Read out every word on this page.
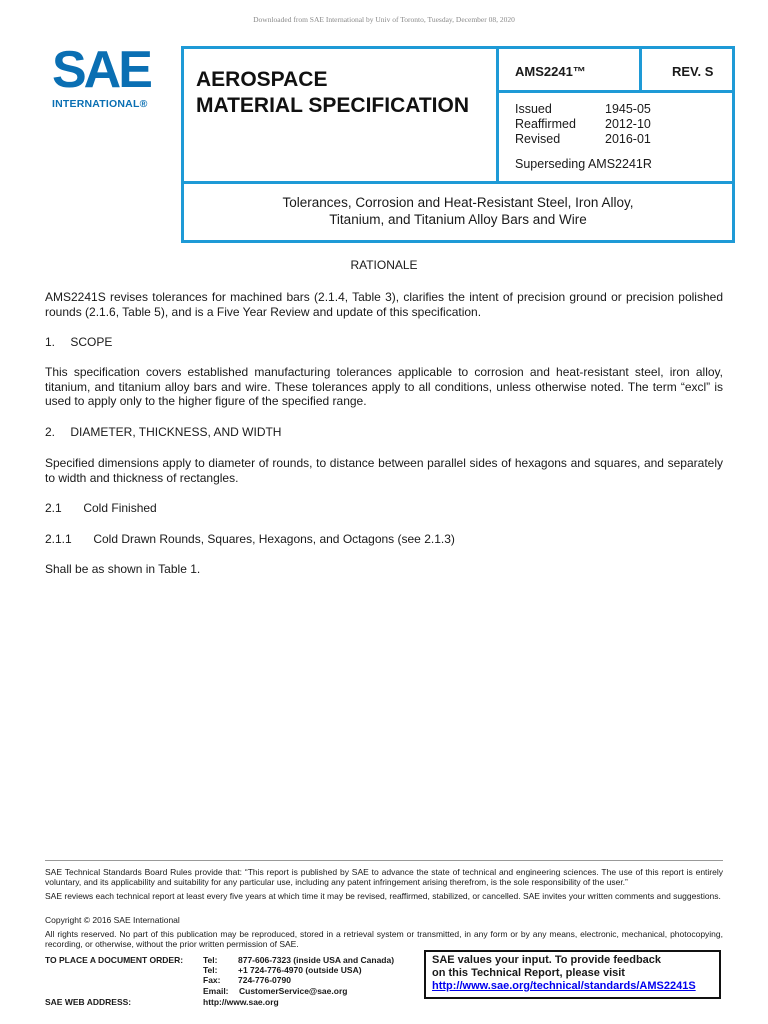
Downloaded from SAE International by Univ of Toronto, Tuesday, December 08, 2020
SAE
INTERNATIONAL®
AEROSPACE
MATERIAL SPECIFICATION
AMS2241™	REV. S
Issued	1945-05
Reaffirmed 2012-10
Revised	2016-01
Superseding AMS2241R
Tolerances, Corrosion and Heat-Resistant Steel, Iron Alloy,
Titanium, and Titanium Alloy Bars and Wire
RATIONALE
AMS2241S revises tolerances for machined bars (2.1.4, Table 3), clarifies the intent of precision ground or precision polished rounds (2.1.6, Table 5), and is a Five Year Review and update of this specification.
1. SCOPE
This specification covers established manufacturing tolerances applicable to corrosion and heat-resistant steel, iron alloy, titanium, and titanium alloy bars and wire. These tolerances apply to all conditions, unless otherwise noted. The term “excl” is used to apply only to the higher figure of the specified range.
2. DIAMETER, THICKNESS, AND WIDTH
Specified dimensions apply to diameter of rounds, to distance between parallel sides of hexagons and squares, and separately to width and thickness of rectangles.
2.1 Cold Finished
2.1.1 Cold Drawn Rounds, Squares, Hexagons, and Octagons (see 2.1.3)
Shall be as shown in Table 1.
SAE Technical Standards Board Rules provide that: “This report is published by SAE to advance the state of technical and engineering sciences. The use of this report is entirely voluntary, and its applicability and suitability for any particular use, including any patent infringement arising therefrom, is the sole responsibility of the user.”
SAE reviews each technical report at least every five years at which time it may be revised, reaffirmed, stabilized, or cancelled. SAE invites your written comments and suggestions.
Copyright © 2016 SAE International
All rights reserved. No part of this publication may be reproduced, stored in a retrieval system or transmitted, in any form or by any means, electronic, mechanical, photocopying, recording, or otherwise, without the prior written permission of SAE.
TO PLACE A DOCUMENT ORDER: Tel: 877-606-7323 (inside USA and Canada)
Tel: +1 724-776-4970 (outside USA)
Fax: 724-776-0790
Email: CustomerService@sae.org
SAE WEB ADDRESS:	http://www.sae.org
SAE values your input. To provide feedback
on this Technical Report, please visit
http://www.sae.org/technical/standards/AMS2241S
